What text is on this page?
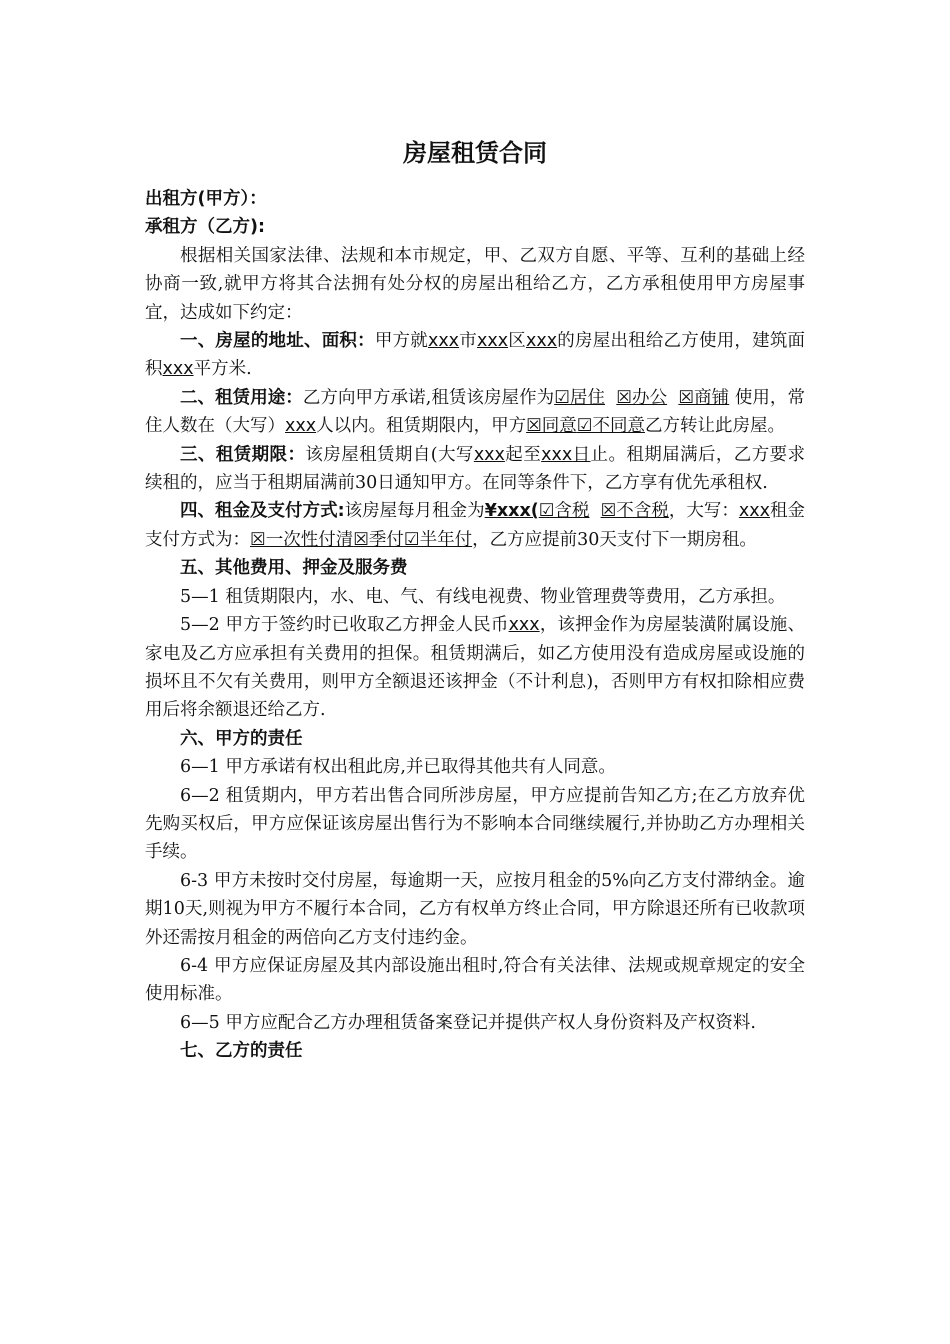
房屋租赁合同

出租方(甲方）：

承租方（乙方):

根据相关国家法律、法规和本市规定，甲、乙双方自愿、平等、互利的基础上经协商一致,就甲方将其合法拥有处分权的房屋出租给乙方，乙方承租使用甲方房屋事宜，达成如下约定：

一、房屋的地址、面积：甲方就xxx市xxx区xxx的房屋出租给乙方使用，建筑面积xxx平方米.

二、租赁用途：乙方向甲方承诺,租赁该房屋作为☑居住 ☒办公 ☒商铺 使用，常住人数在（大写）xxx人以内。租赁期限内，甲方☒同意☑不同意乙方转让此房屋。

三、租赁期限：该房屋租赁期自(大写xxx起至xxx日止。租期届满后，乙方要求续租的，应当于租期届满前30日通知甲方。在同等条件下，乙方享有优先承租权.

四、租金及支付方式:该房屋每月租金为¥xxx(☑含税 ☒不含税，大写：xxx租金支付方式为：☒一次性付清☒季付☑半年付，乙方应提前30天支付下一期房租。

五、其他费用、押金及服务费

5—1 租赁期限内，水、电、气、有线电视费、物业管理费等费用，乙方承担。

5—2 甲方于签约时已收取乙方押金人民币xxx，该押金作为房屋装潢附属设施、家电及乙方应承担有关费用的担保。租赁期满后，如乙方使用没有造成房屋或设施的损坏且不欠有关费用，则甲方全额退还该押金（不计利息)，否则甲方有权扣除相应费用后将余额退还给乙方.

六、甲方的责任

6—1 甲方承诺有权出租此房,并已取得其他共有人同意。

6—2 租赁期内，甲方若出售合同所涉房屋，甲方应提前告知乙方;在乙方放弃优先购买权后，甲方应保证该房屋出售行为不影响本合同继续履行,并协助乙方办理相关手续。

6-3 甲方未按时交付房屋，每逾期一天，应按月租金的5%向乙方支付滞纳金。逾期10天,则视为甲方不履行本合同，乙方有权单方终止合同，甲方除退还所有已收款项外还需按月租金的两倍向乙方支付违约金。

6-4 甲方应保证房屋及其内部设施出租时,符合有关法律、法规或规章规定的安全使用标准。

6—5 甲方应配合乙方办理租赁备案登记并提供产权人身份资料及产权资料.

七、乙方的责任
